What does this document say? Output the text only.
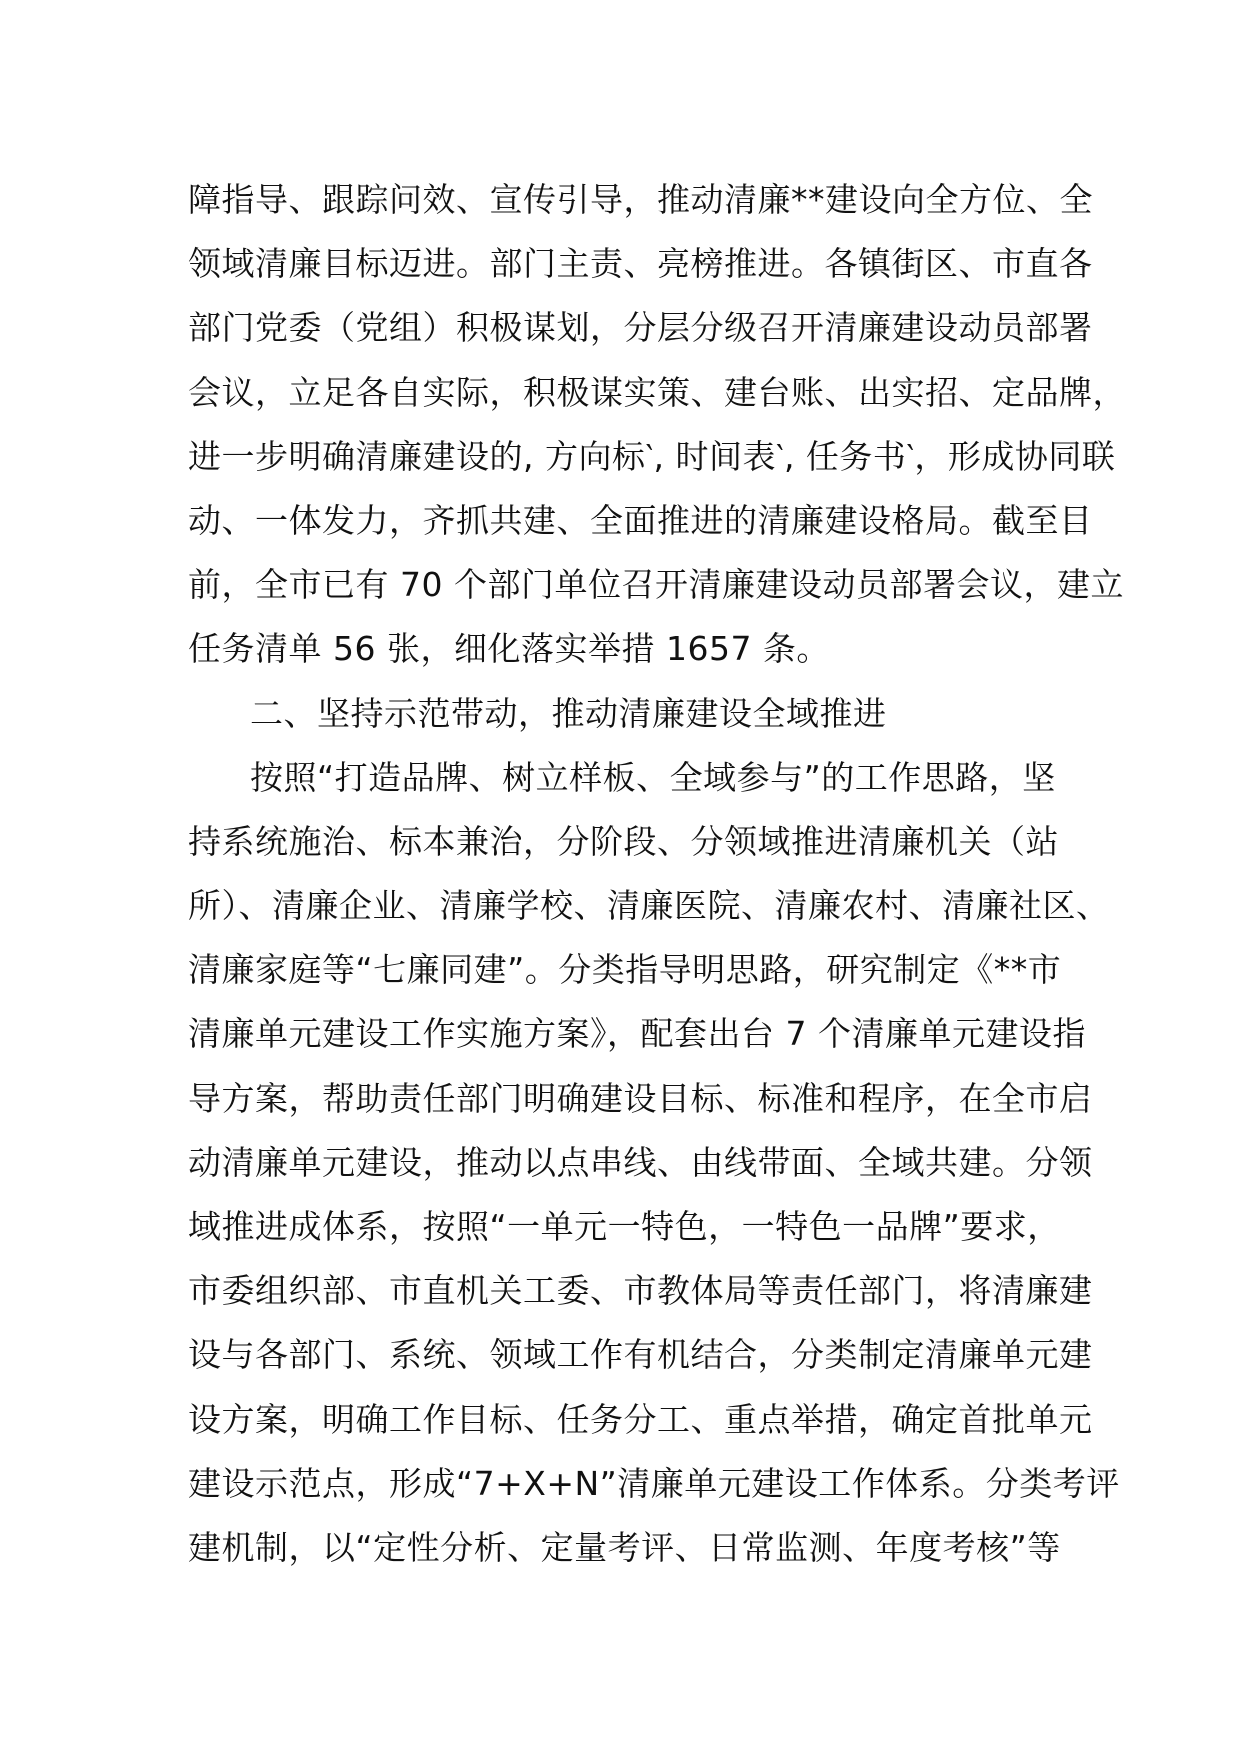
障指导、跟踪问效、宣传引导，推动清廉**建设向全方位、全
领域清廉目标迈进。部门主责、亮榜推进。各镇街区、市直各
部门党委（党组）积极谋划，分层分级召开清廉建设动员部署
会议，立足各自实际，积极谋实策、建台账、出实招、定品牌，
进一步明确清廉建设的, 方向标‵, 时间表‵, 任务书‵，形成协同联
动、一体发力，齐抓共建、全面推进的清廉建设格局。截至目
前，全市已有 70 个部门单位召开清廉建设动员部署会议，建立
任务清单 56 张，细化落实举措 1657 条。
二、坚持示范带动，推动清廉建设全域推进
按照“打造品牌、树立样板、全域参与”的工作思路，坚
持系统施治、标本兼治，分阶段、分领域推进清廉机关（站
所）、清廉企业、清廉学校、清廉医院、清廉农村、清廉社区、
清廉家庭等“七廉同建”。分类指导明思路，研究制定《**市
清廉单元建设工作实施方案》，配套出台 7 个清廉单元建设指
导方案，帮助责任部门明确建设目标、标准和程序，在全市启
动清廉单元建设，推动以点串线、由线带面、全域共建。分领
域推进成体系，按照“一单元一特色，一特色一品牌”要求，
市委组织部、市直机关工委、市教体局等责任部门，将清廉建
设与各部门、系统、领域工作有机结合，分类制定清廉单元建
设方案，明确工作目标、任务分工、重点举措，确定首批单元
建设示范点，形成“7+X+N”清廉单元建设工作体系。分类考评
建机制，以“定性分析、定量考评、日常监测、年度考核”等
